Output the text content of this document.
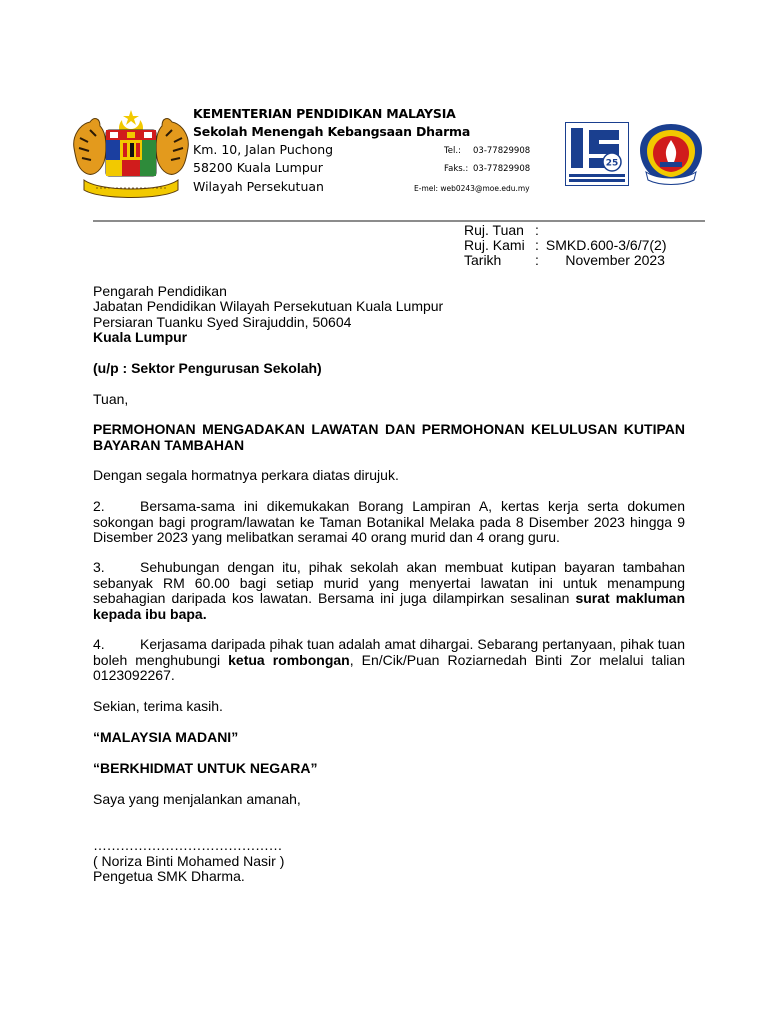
KEMENTERIAN PENDIDIKAN MALAYSIA
Sekolah Menengah Kebangsaan Dharma
Km. 10, Jalan Puchong
58200 Kuala Lumpur
Wilayah Persekutuan
Tel.: 03-77829908
Faks.: 03-77829908
E-mel: web0243@moe.edu.my
25
Ruj. Tuan :
Ruj. Kami : SMKD.600-3/6/7(2)
Tarikh : November 2023
Pengarah Pendidikan
Jabatan Pendidikan Wilayah Persekutuan Kuala Lumpur
Persiaran Tuanku Syed Sirajuddin, 50604
Kuala Lumpur
(u/p : Sektor Pengurusan Sekolah)
Tuan,
PERMOHONAN MENGADAKAN LAWATAN DAN PERMOHONAN KELULUSAN KUTIPAN BAYARAN TAMBAHAN
Dengan segala hormatnya perkara diatas dirujuk.
2.	Bersama-sama ini dikemukakan Borang Lampiran A, kertas kerja serta dokumen sokongan bagi program/lawatan ke Taman Botanikal Melaka pada 8 Disember 2023 hingga 9 Disember 2023 yang melibatkan seramai 40 orang murid dan 4 orang guru.
3.	Sehubungan dengan itu, pihak sekolah akan membuat kutipan bayaran tambahan sebanyak RM 60.00 bagi setiap murid yang menyertai lawatan ini untuk menampung sebahagian daripada kos lawatan. Bersama ini juga dilampirkan sesalinan surat makluman kepada ibu bapa.
4.	Kerjasama daripada pihak tuan adalah amat dihargai. Sebarang pertanyaan, pihak tuan boleh menghubungi ketua rombongan, En/Cik/Puan Roziarnedah Binti Zor melalui talian 0123092267.
Sekian, terima kasih.
“MALAYSIA MADANI”
“BERKHIDMAT UNTUK NEGARA”
Saya yang menjalankan amanah,
……………………………………
( Noriza Binti Mohamed Nasir )
Pengetua SMK Dharma.
